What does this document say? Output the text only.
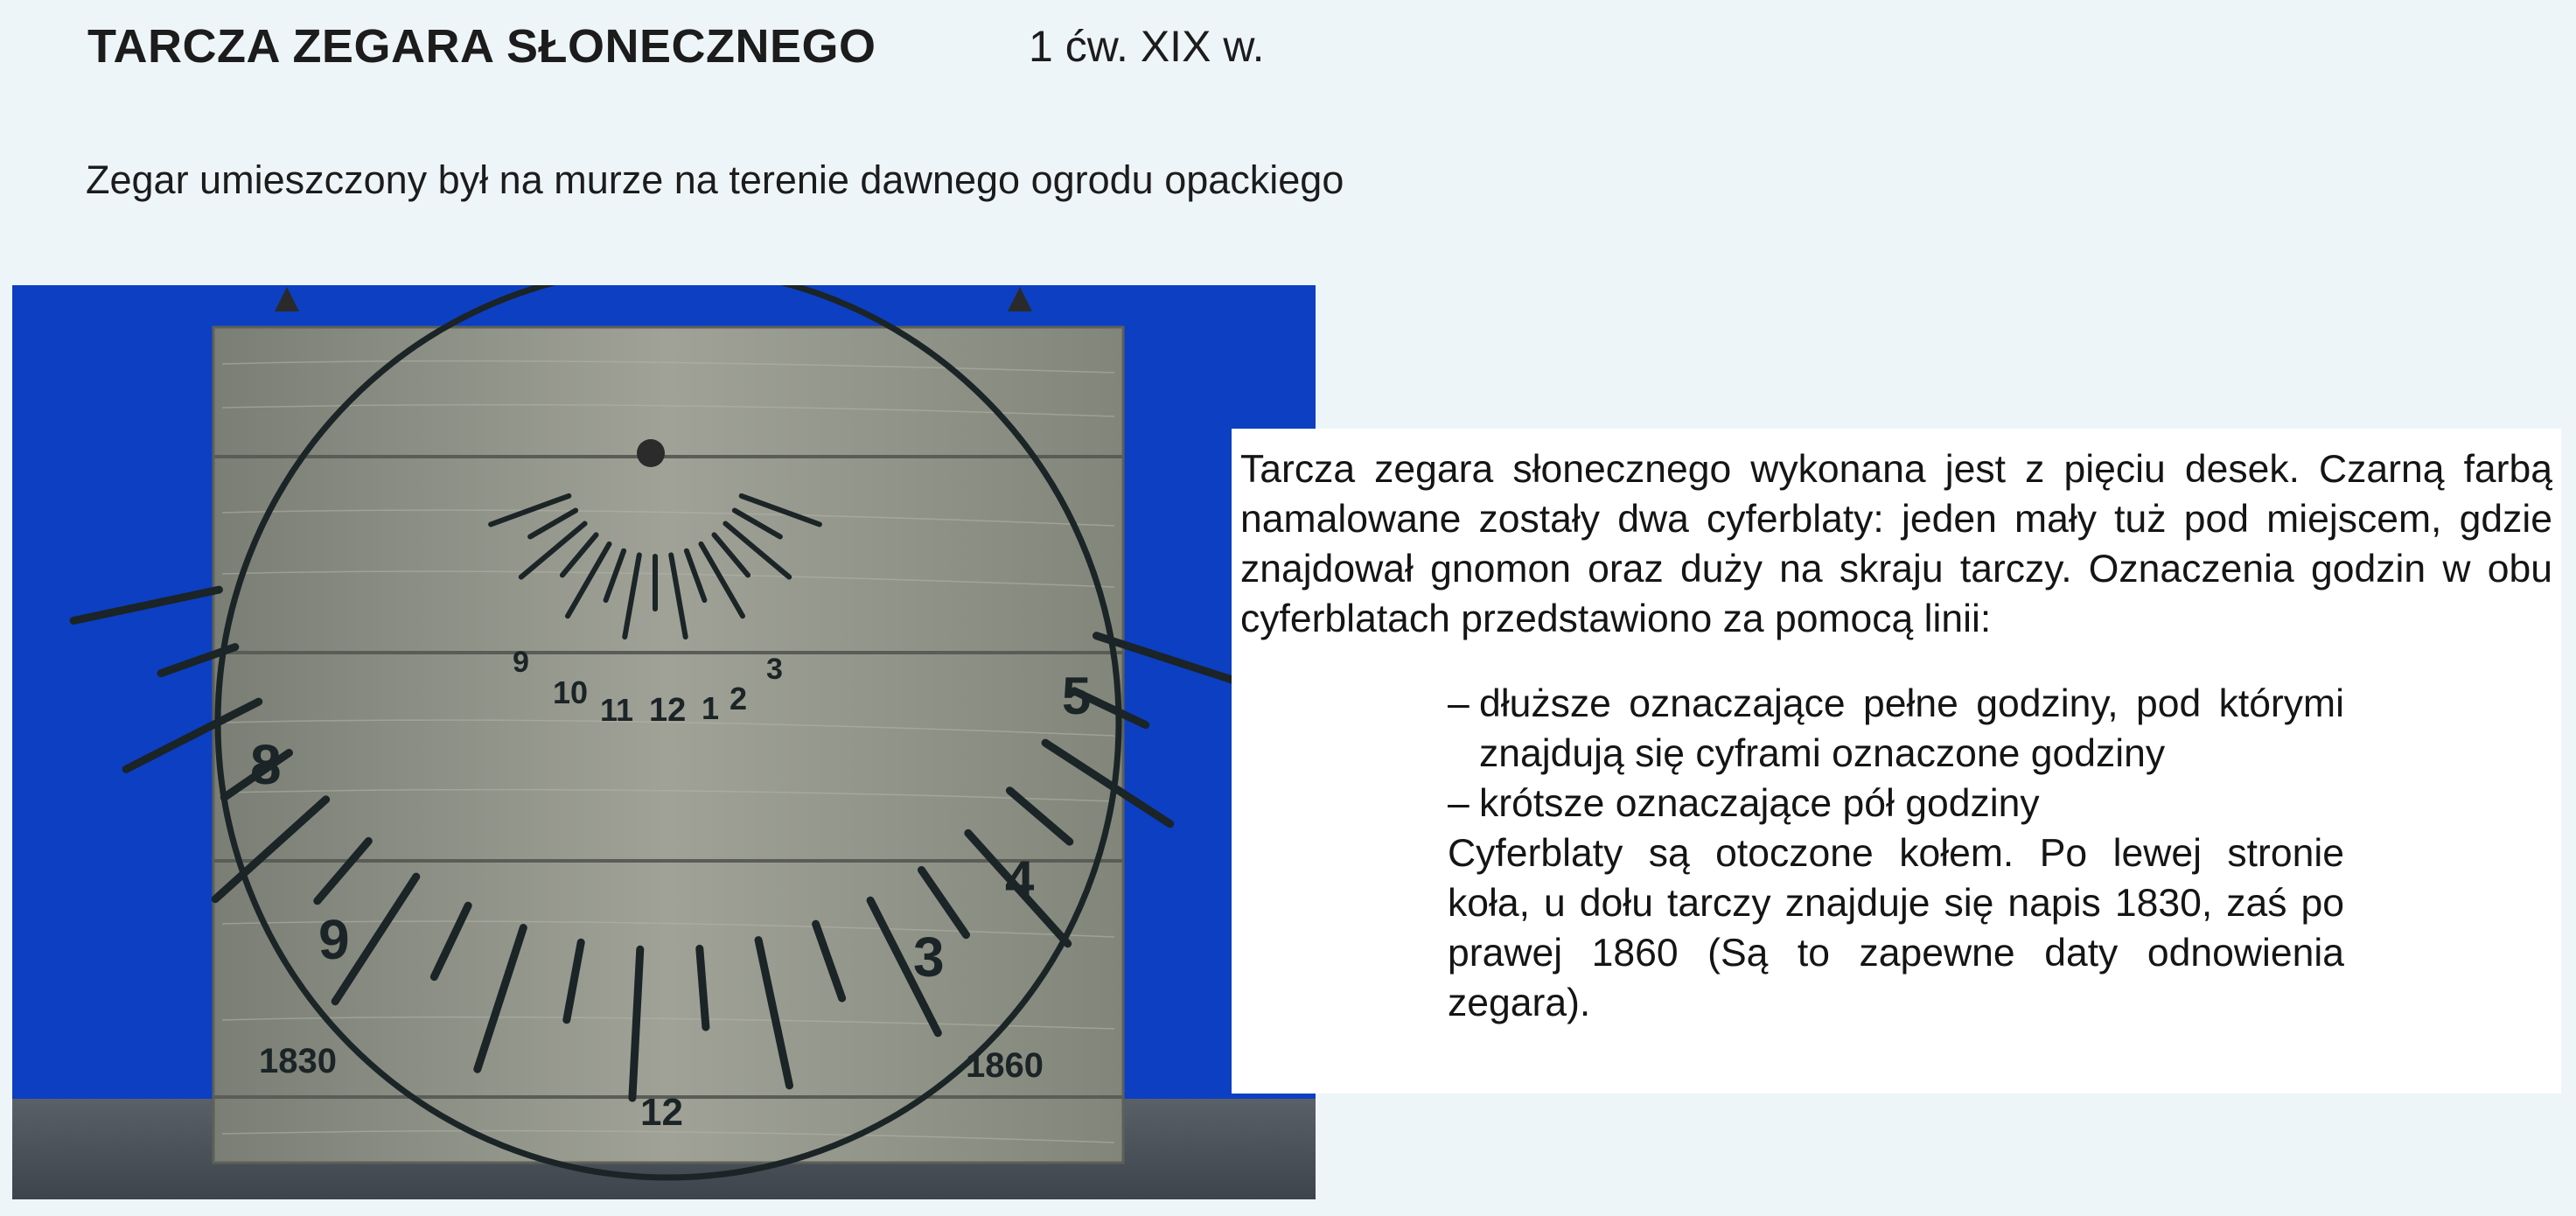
TARCZA ZEGARA SŁONECZNEGO	1 ćw. XIX w.
Zegar umieszczony był na murze na terenie dawnego ogrodu opackiego
9
10 11 12 1 2
3
8
9	3
4
5
12
1830	1860
Tarcza zegara słonecznego wykonana jest z pięciu desek. Czarną farbą namalowane zostały dwa cyferblaty: jeden mały tuż pod miejscem, gdzie znajdował gnomon oraz duży na skraju tarczy. Oznaczenia godzin w obu cyferblatach przedstawiono za pomocą linii:
– dłuższe oznaczające pełne godziny, pod którymi znajdują się cyframi oznaczone godziny
– krótsze oznaczające pół godziny
Cyferblaty są otoczone kołem. Po lewej stronie koła, u dołu tarczy znajduje się napis 1830, zaś po prawej 1860 (Są to zapewne daty odnowienia zegara).
